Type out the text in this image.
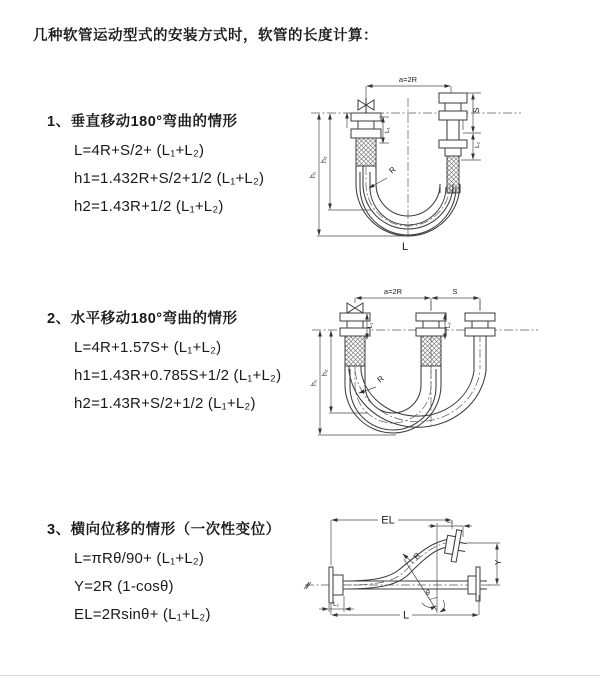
几种软管运动型式的安装方式时，软管的长度计算：
1、垂直移动180°弯曲的情形
L=4R+S/2+ (L₁+L₂)
h1=1.432R+S/2+1/2 (L₁+L₂)
h2=1.43R+1/2 (L₁+L₂)
2、水平移动180°弯曲的情形
L=4R+1.57S+ (L₁+L₂)
h1=1.43R+0.785S+1/2 (L₁+L₂)
h2=1.43R+S/2+1/2 (L₁+L₂)
3、横向位移的情形（一次性变位）
L=πRθ/90+ (L₁+L₂)
Y=2R (1-cosθ)
EL=2Rsinθ+ (L₁+L₂)
a=2R
R
L
h₁
h₂
L₁
S
L₂
a=2R	S
h₁
h₂
L₁	L₂
R
EL	L₁
Y
L
L₂
R
θ
